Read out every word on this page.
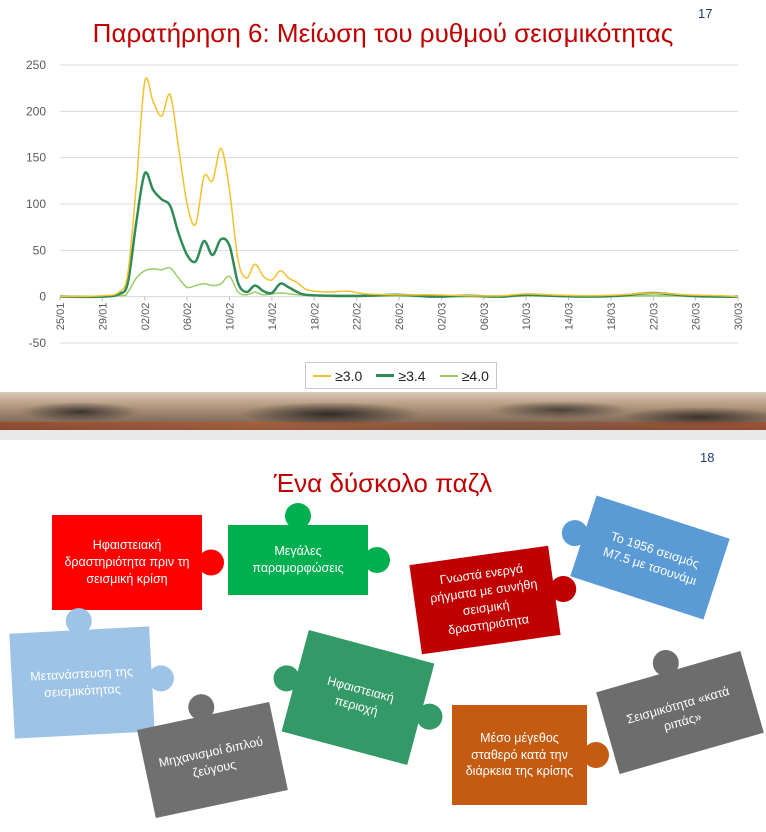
17
Παρατήρηση 6: Μείωση του ρυθμού σεισμικότητας
-50
0
50
100
150
200
250
25/01	29/01	02/02	06/02	10/02	14/02	18/02	22/02	26/02	02/03	06/03	10/03	14/03	18/03	22/03	26/03	30/03
≥3.0	≥3.4	≥4.0
18
Ένα δύσκολο παζλ
Ηφαιστειακή δραστηριότητα πριν τη σεισμική κρίση
Μεγάλες παραμορφώσεις	Γνωστά ενεργά ρήγματα με συνήθη σεισμική δραστηριότητα
Το 1956 σεισμός M7.5 με τσουνάμι
Μετανάστευση της σεισμικότητας	Ηφαιστειακή περιοχή
Μηχανισμοί διπλού ζεύγους
Μέσο μέγεθος σταθερό κατά την διάρκεια της κρίσης
Σεισμικότητα «κατά ριπάς»
